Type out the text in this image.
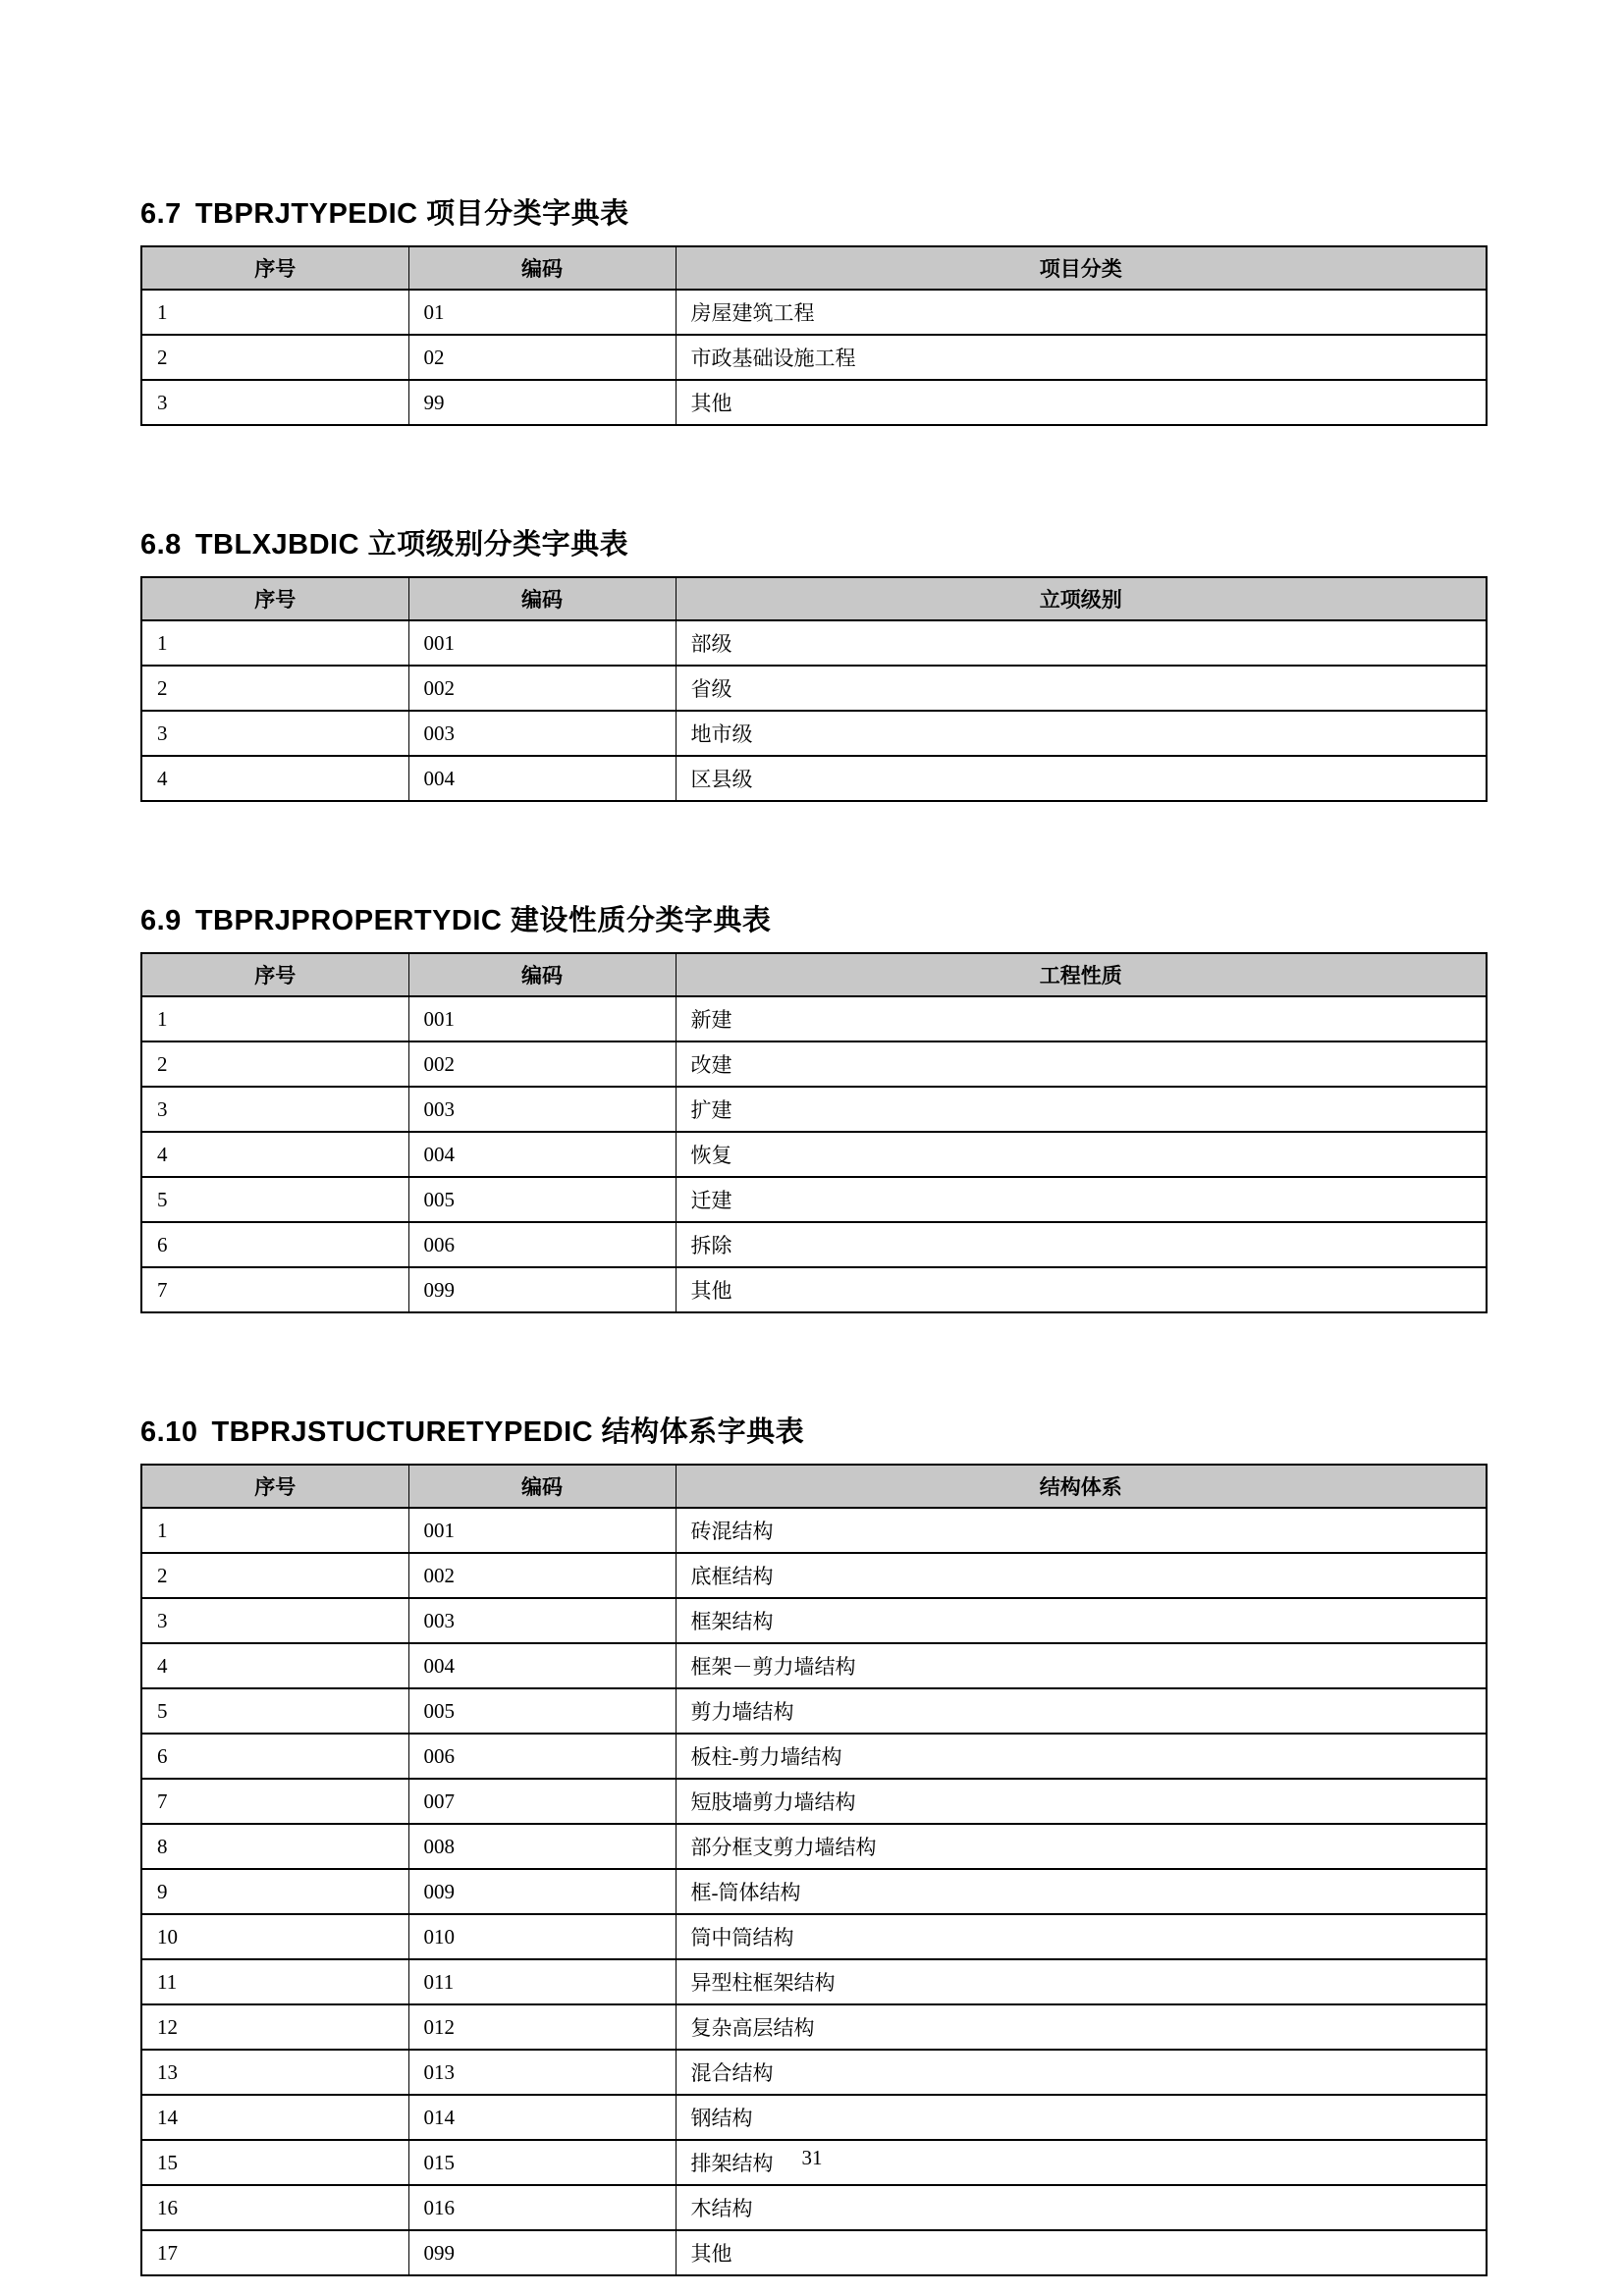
6.7 TBPRJTYPEDIC 项目分类字典表
序号	编码	项目分类
1	01	房屋建筑工程
2	02	市政基础设施工程
3	99	其他
6.8 TBLXJBDIC 立项级别分类字典表
序号	编码	立项级别
1	001	部级
2	002	省级
3	003	地市级
4	004	区县级
6.9 TBPRJPROPERTYDIC 建设性质分类字典表
序号	编码	工程性质
1	001	新建
2	002	改建
3	003	扩建
4	004	恢复
5	005	迁建
6	006	拆除
7	099	其他
6.10 TBPRJSTUCTURETYPEDIC 结构体系字典表
序号	编码	结构体系
1	001	砖混结构
2	002	底框结构
3	003	框架结构
4	004	框架－剪力墙结构
5	005	剪力墙结构
6	006	板柱-剪力墙结构
7	007	短肢墙剪力墙结构
8	008	部分框支剪力墙结构
9	009	框-筒体结构
10	010	筒中筒结构
11	011	异型柱框架结构
12	012	复杂高层结构
13	013	混合结构
14	014	钢结构
15	015	排架结构
16	016	木结构
17	099	其他
31
